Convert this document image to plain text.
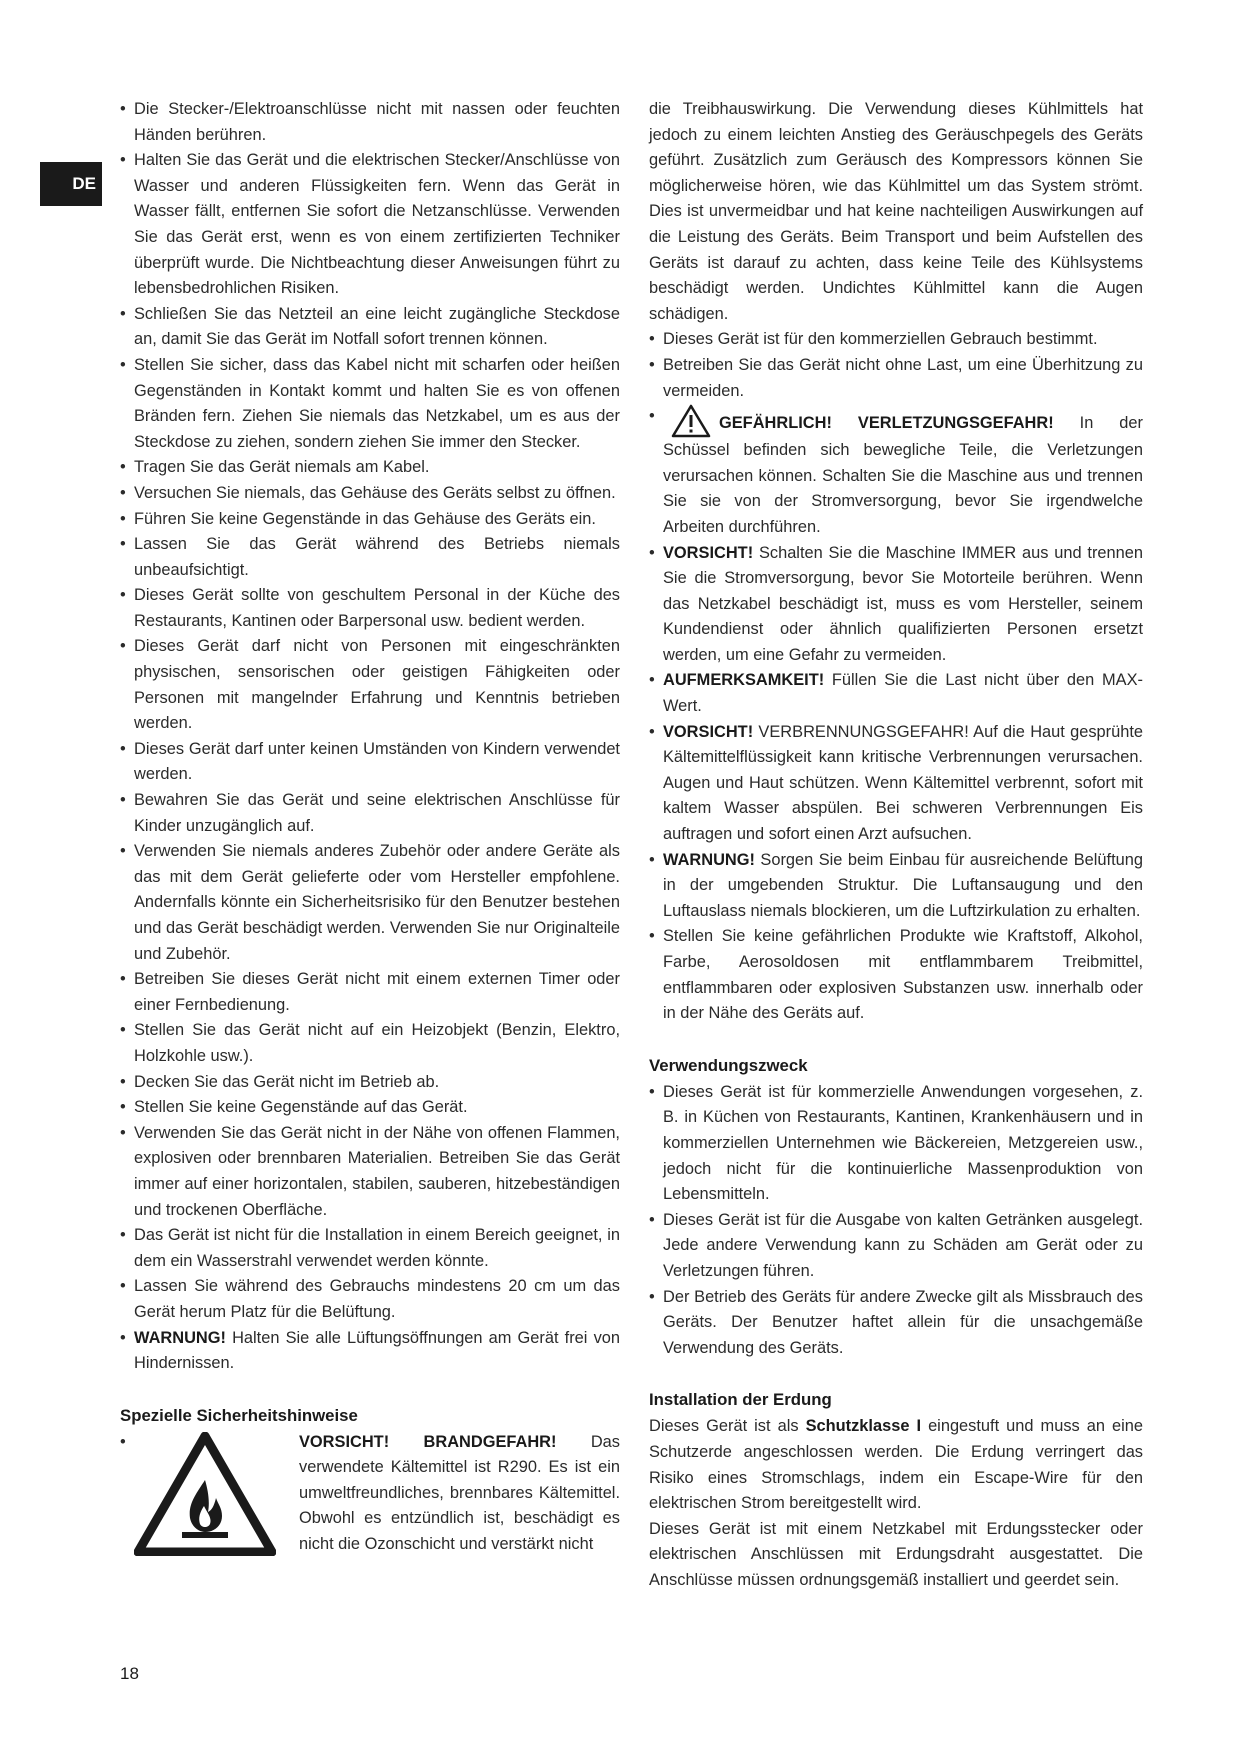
DE
• Die Stecker-/Elektroanschlüsse nicht mit nassen oder feuchten Händen berühren.
• Halten Sie das Gerät und die elektrischen Stecker/Anschlüsse von Wasser und anderen Flüssigkeiten fern. Wenn das Gerät in Wasser fällt, entfernen Sie sofort die Netzanschlüsse. Verwenden Sie das Gerät erst, wenn es von einem zertifizierten Techniker überprüft wurde. Die Nichtbeachtung dieser Anweisungen führt zu lebensbedrohlichen Risiken.
• Schließen Sie das Netzteil an eine leicht zugängliche Steckdose an, damit Sie das Gerät im Notfall sofort trennen können.
• Stellen Sie sicher, dass das Kabel nicht mit scharfen oder heißen Gegenständen in Kontakt kommt und halten Sie es von offenen Bränden fern. Ziehen Sie niemals das Netzkabel, um es aus der Steckdose zu ziehen, sondern ziehen Sie immer den Stecker.
• Tragen Sie das Gerät niemals am Kabel.
• Versuchen Sie niemals, das Gehäuse des Geräts selbst zu öffnen.
• Führen Sie keine Gegenstände in das Gehäuse des Geräts ein.
• Lassen Sie das Gerät während des Betriebs niemals unbeaufsichtigt.
• Dieses Gerät sollte von geschultem Personal in der Küche des Restaurants, Kantinen oder Barpersonal usw. bedient werden.
• Dieses Gerät darf nicht von Personen mit eingeschränkten physischen, sensorischen oder geistigen Fähigkeiten oder Personen mit mangelnder Erfahrung und Kenntnis betrieben werden.
• Dieses Gerät darf unter keinen Umständen von Kindern verwendet werden.
• Bewahren Sie das Gerät und seine elektrischen Anschlüsse für Kinder unzugänglich auf.
• Verwenden Sie niemals anderes Zubehör oder andere Geräte als das mit dem Gerät gelieferte oder vom Hersteller empfohlene. Andernfalls könnte ein Sicherheitsrisiko für den Benutzer bestehen und das Gerät beschädigt werden. Verwenden Sie nur Originalteile und Zubehör.
• Betreiben Sie dieses Gerät nicht mit einem externen Timer oder einer Fernbedienung.
• Stellen Sie das Gerät nicht auf ein Heizobjekt (Benzin, Elektro, Holzkohle usw.).
• Decken Sie das Gerät nicht im Betrieb ab.
• Stellen Sie keine Gegenstände auf das Gerät.
• Verwenden Sie das Gerät nicht in der Nähe von offenen Flammen, explosiven oder brennbaren Materialien. Betreiben Sie das Gerät immer auf einer horizontalen, stabilen, sauberen, hitzebeständigen und trockenen Oberfläche.
• Das Gerät ist nicht für die Installation in einem Bereich geeignet, in dem ein Wasserstrahl verwendet werden könnte.
• Lassen Sie während des Gebrauchs mindestens 20 cm um das Gerät herum Platz für die Belüftung.
• WARNUNG! Halten Sie alle Lüftungsöffnungen am Gerät frei von Hindernissen.
Spezielle Sicherheitshinweise
• VORSICHT! BRANDGEFAHR! Das verwendete Kältemittel ist R290. Es ist ein umweltfreundliches, brennbares Kältemittel. Obwohl es entzündlich ist, beschädigt es nicht die Ozonschicht und verstärkt nicht

die Treibhauswirkung. Die Verwendung dieses Kühlmittels hat jedoch zu einem leichten Anstieg des Geräuschpegels des Geräts geführt. Zusätzlich zum Geräusch des Kompressors können Sie möglicherweise hören, wie das Kühlmittel um das System strömt. Dies ist unvermeidbar und hat keine nachteiligen Auswirkungen auf die Leistung des Geräts. Beim Transport und beim Aufstellen des Geräts ist darauf zu achten, dass keine Teile des Kühlsystems beschädigt werden. Undichtes Kühlmittel kann die Augen schädigen.

• Dieses Gerät ist für den kommerziellen Gebrauch bestimmt.
• Betreiben Sie das Gerät nicht ohne Last, um eine Überhitzung zu vermeiden.
• GEFÄHRLICH! VERLETZUNGSGEFAHR! In der Schüssel befinden sich bewegliche Teile, die Verletzungen verursachen können. Schalten Sie die Maschine aus und trennen Sie sie von der Stromversorgung, bevor Sie irgendwelche Arbeiten durchführen.
• VORSICHT! Schalten Sie die Maschine IMMER aus und trennen Sie die Stromversorgung, bevor Sie Motorteile berühren. Wenn das Netzkabel beschädigt ist, muss es vom Hersteller, seinem Kundendienst oder ähnlich qualifizierten Personen ersetzt werden, um eine Gefahr zu vermeiden.
• AUFMERKSAMKEIT! Füllen Sie die Last nicht über den MAX-Wert.
• VORSICHT! VERBRENNUNGSGEFAHR! Auf die Haut gesprühte Kältemittelflüssigkeit kann kritische Verbrennungen verursachen. Augen und Haut schützen. Wenn Kältemittel verbrennt, sofort mit kaltem Wasser abspülen. Bei schweren Verbrennungen Eis auftragen und sofort einen Arzt aufsuchen.
• WARNUNG! Sorgen Sie beim Einbau für ausreichende Belüftung in der umgebenden Struktur. Die Luftansaugung und den Luftauslass niemals blockieren, um die Luftzirkulation zu erhalten.
• Stellen Sie keine gefährlichen Produkte wie Kraftstoff, Alkohol, Farbe, Aerosoldosen mit entflammbarem Treibmittel, entflammbaren oder explosiven Substanzen usw. innerhalb oder in der Nähe des Geräts auf.
Verwendungszweck
• Dieses Gerät ist für kommerzielle Anwendungen vorgesehen, z. B. in Küchen von Restaurants, Kantinen, Krankenhäusern und in kommerziellen Unternehmen wie Bäckereien, Metzgereien usw., jedoch nicht für die kontinuierliche Massenproduktion von Lebensmitteln.
• Dieses Gerät ist für die Ausgabe von kalten Getränken ausgelegt. Jede andere Verwendung kann zu Schäden am Gerät oder zu Verletzungen führen.
• Der Betrieb des Geräts für andere Zwecke gilt als Missbrauch des Geräts. Der Benutzer haftet allein für die unsachgemäße Verwendung des Geräts.
Installation der Erdung

Dieses Gerät ist als Schutzklasse I eingestuft und muss an eine Schutzerde angeschlossen werden. Die Erdung verringert das Risiko eines Stromschlags, indem ein Escape-Wire für den elektrischen Strom bereitgestellt wird.

Dieses Gerät ist mit einem Netzkabel mit Erdungsstecker oder elektrischen Anschlüssen mit Erdungsdraht ausgestattet. Die Anschlüsse müssen ordnungsgemäß installiert und geerdet sein.

18
